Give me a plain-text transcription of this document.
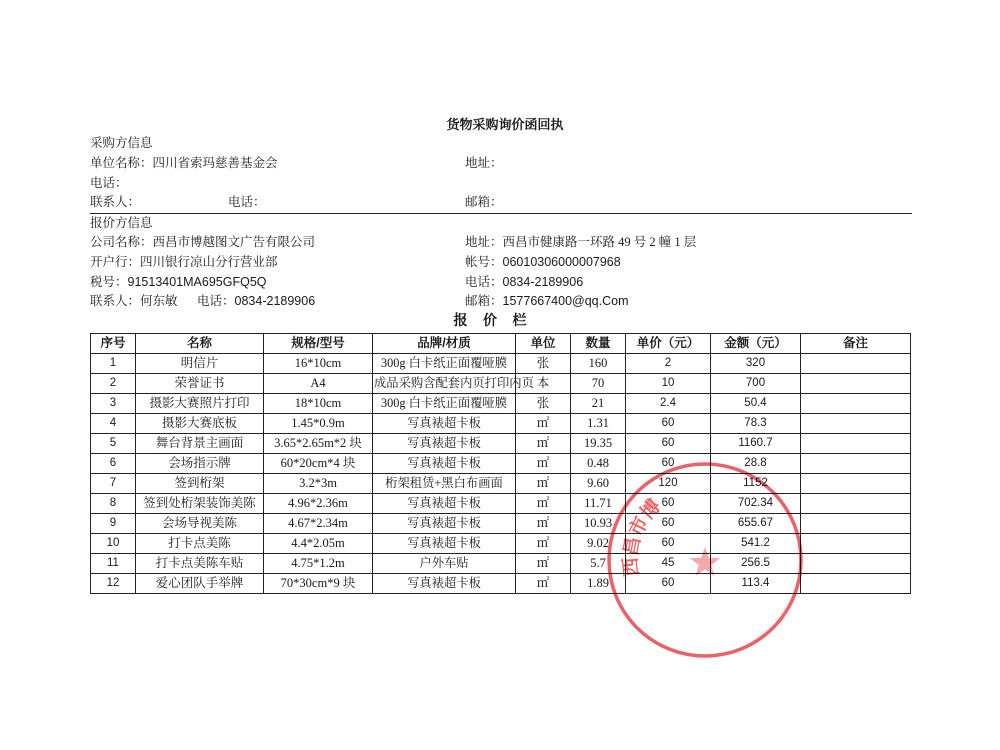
货物采购询价函回执
采购方信息
单位名称：四川省索玛慈善基金会	地址：
电话：
联系人：	电话：	邮箱：
报价方信息
公司名称：西昌市博越图文广告有限公司	地址：西昌市健康路一环路 49 号 2 幢 1 层
开户行：四川银行凉山分行营业部	帐号：06010306000007968
税号：91513401MA695GFQ5Q	电话：0834-2189906
联系人：何东敏 电话：0834-2189906	邮箱：1577667400@qq.Com
报    价    栏
序号	名称	规格/型号	品牌/材质	单位	数量	单价（元）	金额（元）	备注
1	明信片	16*10cm	300g 白卡纸正面覆哑膜	张	160	2	320	
2	荣誉证书	A4	成品采购含配套内页打印内页	本	70	10	700	
3	摄影大赛照片打印	18*10cm	300g 白卡纸正面覆哑膜	张	21	2.4	50.4	
4	摄影大赛底板	1.45*0.9m	写真裱超卡板	㎡	1.31	60	78.3	
5	舞台背景主画面	3.65*2.65m*2 块	写真裱超卡板	㎡	19.35	60	1160.7	
6	会场指示牌	60*20cm*4 块	写真裱超卡板	㎡	0.48	60	28.8	
7	签到桁架	3.2*3m	桁架租赁+黑白布画面	㎡	9.60	120	1152	
8	签到处桁架装饰美陈	4.96*2.36m	写真裱超卡板	㎡	11.71	60	702.34	
9	会场导视美陈	4.67*2.34m	写真裱超卡板	㎡	10.93	60	655.67	
10	打卡点美陈	4.4*2.05m	写真裱超卡板	㎡	9.02	60	541.2	
11	打卡点美陈车贴	4.75*1.2m	户外车贴	㎡	5.7	45	256.5	
12	爱心团队手举牌	70*30cm*9 块	写真裱超卡板	㎡	1.89	60	113.4	
西昌市博
